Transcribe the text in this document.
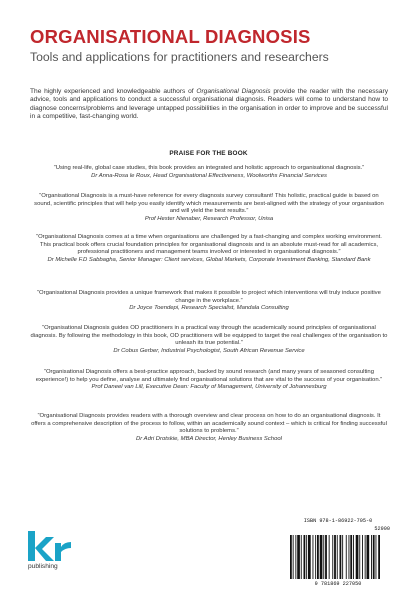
ORGANISATIONAL DIAGNOSIS
Tools and applications for practitioners and researchers
The highly experienced and knowledgeable authors of Organisational Diagnosis provide the reader with the necessary advice, tools and applications to conduct a successful organisational diagnosis. Readers will come to understand how to diagnose concerns/problems and leverage untapped possibilities in the organisation in order to improve and be successful in a competitive, fast-changing world.
PRAISE FOR THE BOOK
“Using real-life, global case studies, this book provides an integrated and holistic approach to organisational diagnosis.”
Dr Anna-Rosa le Roux, Head Organisational Effectiveness, Woolworths Financial Services
“Organisational Diagnosis is a must-have reference for every diagnosis survey consultant! This holistic, practical guide is based on sound, scientific principles that will help you easily identify which measurements are best-aligned with the strategy of your organisation and will yield the best results.”
Prof Hester Nienaber, Research Professor, Unisa
“Organisational Diagnosis comes at a time when organisations are challenged by a fast-changing and complex working environment. This practical book offers crucial foundation principles for organisational diagnosis and is an absolute must-read for all academics, professional practitioners and management teams involved or interested in organisational diagnosis.”
Dr Michelle F.D Sabbagha, Senior Manager: Client services, Global Markets, Corporate Investment Banking, Standard Bank
“Organisational Diagnosis provides a unique framework that makes it possible to project which interventions will truly induce positive change in the workplace.”
Dr Joyce Toendepi, Research Specialist, Mandala Consulting
“Organisational Diagnosis guides OD practitioners in a practical way through the academically sound principles of organisational diagnosis. By following the methodology in this book, OD practitioners will be equipped to target the real challenges of the organisation to unleash its true potential.”
Dr Cobus Gerber, Industrial Psychologist, South African Revenue Service
“Organisational Diagnosis offers a best-practice approach, backed by sound research (and many years of seasoned consulting experience!) to help you define, analyse and ultimately find organisational solutions that are vital to the success of your organisation.”
Prof Daneel van Lill, Executive Dean: Faculty of Management, University of Johannesburg
“Organisational Diagnosis provides readers with a thorough overview and clear process on how to do an organisational diagnosis. It offers a comprehensive description of the process to follow, within an academically sound context – which is critical for finding successful solutions to problems.”
Dr Adri Drotskie, MBA Director, Henley Business School
kr
publishing
ISBN 978-1-86922-705-0
52900
9 781869 227050
